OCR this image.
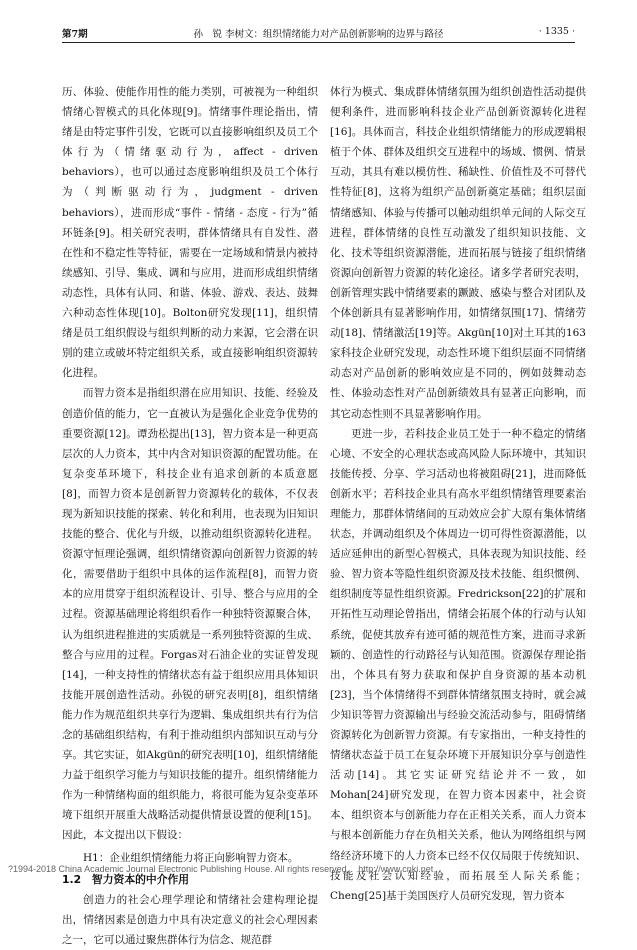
第7期	孙　锐 李树文：组织情绪能力对产品创新影响的边界与路径	· 1335 ·

历、体验、使能作用性的能力类别，可被视为一种组织情绪心智模式的具化体现[9]。情绪事件理论指出，情绪是由特定事件引发，它既可以直接影响组织及员工个体行为（情绪驱动行为，affect - driven behaviors），也可以通过态度影响组织及员工个体行为（判断驱动行为，judgment - driven behaviors），进而形成“事件 - 情绪 - 态度 - 行为”循环链条[9]。相关研究表明，群体情绪具有自发性、潜在性和不稳定性等特征，需要在一定场域和情景内被持续感知、引导、集成、调和与应用，进而形成组织情绪动态性，具体有认同、和谐、体验、游戏、表达、鼓舞六种动态性体现[10]。Bolton研究发现[11]，组织情绪是员工组织假设与组织判断的动力来源，它会潜在识别的建立或破坏特定组织关系，或直接影响组织资源转化进程。

而智力资本是指组织潜在应用知识、技能、经验及创造价值的能力，它一直被认为是强化企业竞争优势的重要资源[12]。谭劲松提出[13]，智力资本是一种更高层次的人力资本，其中内含对知识资源的配置功能。在复杂变革环境下，科技企业有追求创新的本质意愿[8]，而智力资本是创新智力资源转化的载体，不仅表现为新知识技能的探索、转化和利用，也表现为旧知识技能的整合、优化与升级，以推动组织资源转化进程。资源守恒理论强调，组织情绪资源向创新智力资源的转化，需要借助于组织中具体的运作流程[8]，而智力资本的应用贯穿于组织流程设计、引导、整合与应用的全过程。资源基础理论将组织看作一种独特资源聚合体，认为组织进程推进的实质就是一系列独特资源的生成、整合与应用的过程。Forgas对石油企业的实证曾发现[14]，一种支持性的情绪状态有益于组织应用具体知识技能开展创造性活动。孙锐的研究表明[8]，组织情绪能力作为规范组织共享行为逻辑、集成组织共有行为信念的基础组织结构，有利于推动组织内部知识互动与分享。其它实证，如Akgün的研究表明[10]，组织情绪能力益于组织学习能力与知识技能的提升。组织情绪能力作为一种情绪构面的组织能力，将很可能为复杂变革环境下组织开展重大战略活动提供情景设置的便利[15]。因此，本文提出以下假设：

H1：企业组织情绪能力将正向影响智力资本。

1.2　智力资本的中介作用

创造力的社会心理学理论和情绪社会建构理论提出，情绪因素是创造力中具有决定意义的社会心理因素之一，它可以通过聚焦群体行为信念、规范群

体行为模式、集成群体情绪氛围为组织创造性活动提供便利条件，进而影响科技企业产品创新资源转化进程[16]。具体而言，科技企业组织情绪能力的形成逻辑根植于个体、群体及组织交互进程中的场域、惯例、情景互动，其具有难以模仿性、稀缺性、价值性及不可替代性特征[8]，这将为组织产品创新奠定基础；组织层面情绪感知、体验与传播可以触动组织单元间的人际交互进程，群体情绪的良性互动激发了组织知识技能、文化、技术等组织资源潜能，进而拓展与链接了组织情绪资源向创新智力资源的转化途径。诸多学者研究表明，创新管理实践中情绪要素的蹶跛、感染与整合对团队及个体创新具有显著影响作用，如情绪氛围[17]、情绪劳动[18]、情绪激活[19]等。Akgün[10]对土耳其的163家科技企业研究发现，动态性环境下组织层面不同情绪动态对产品创新的影响效应是不同的，例如鼓舞动态性、体验动态性对产品创新绩效具有显著正向影响，而其它动态性则不具显著影响作用。

更进一步，若科技企业员工处于一种不稳定的情绪心境、不安全的心理状态或高风险人际环境中，其知识技能传授、分享、学习活动也将被阻碍[21]，进而降低创新水平；若科技企业具有高水平组织情绪管理要素治理能力，那群体情绪间的互动效应会扩大原有集体情绪状态，并调动组织及个体周边一切可得性资源潜能，以适应延伸出的新型心智模式，具体表现为知识技能、经验、智力资本等隐性组织资源及技术技能、组织惯例、组织制度等显性组织资源。Fredrickson[22]的扩展和开拓性互动理论曾指出，情绪会拓展个体的行动与认知系统，促使其放弃有迹可循的规范性方案，进而寻求新颖的、创造性的行动路径与认知范围。资源保存理论指出，个体具有努力获取和保护自身资源的基本动机[23]，当个体情绪得不到群体情绪氛围支持时，就会减少知识等智力资源输出与经验交流活动参与，阻碍情绪资源转化为创新智力资源。有专家指出，一种支持性的情绪状态益于员工在复杂环境下开展知识分享与创造性活动[14]。其它实证研究结论并不一致，如Mohan[24]研究发现，在智力资本因素中，社会资本、组织资本与创新能力存在正相关关系，而人力资本与根本创新能力存在负相关关系，他认为网络组织与网络经济环境下的人力资本已经不仅仅局限于传统知识、技能及社会认知经验，而拓展至人际关系能；Cheng[25]基于美国医疗人员研究发现，智力资本

?1994-2018 China Academic Journal Electronic Publishing House. All rights reserved.　http://www.cnki.net
